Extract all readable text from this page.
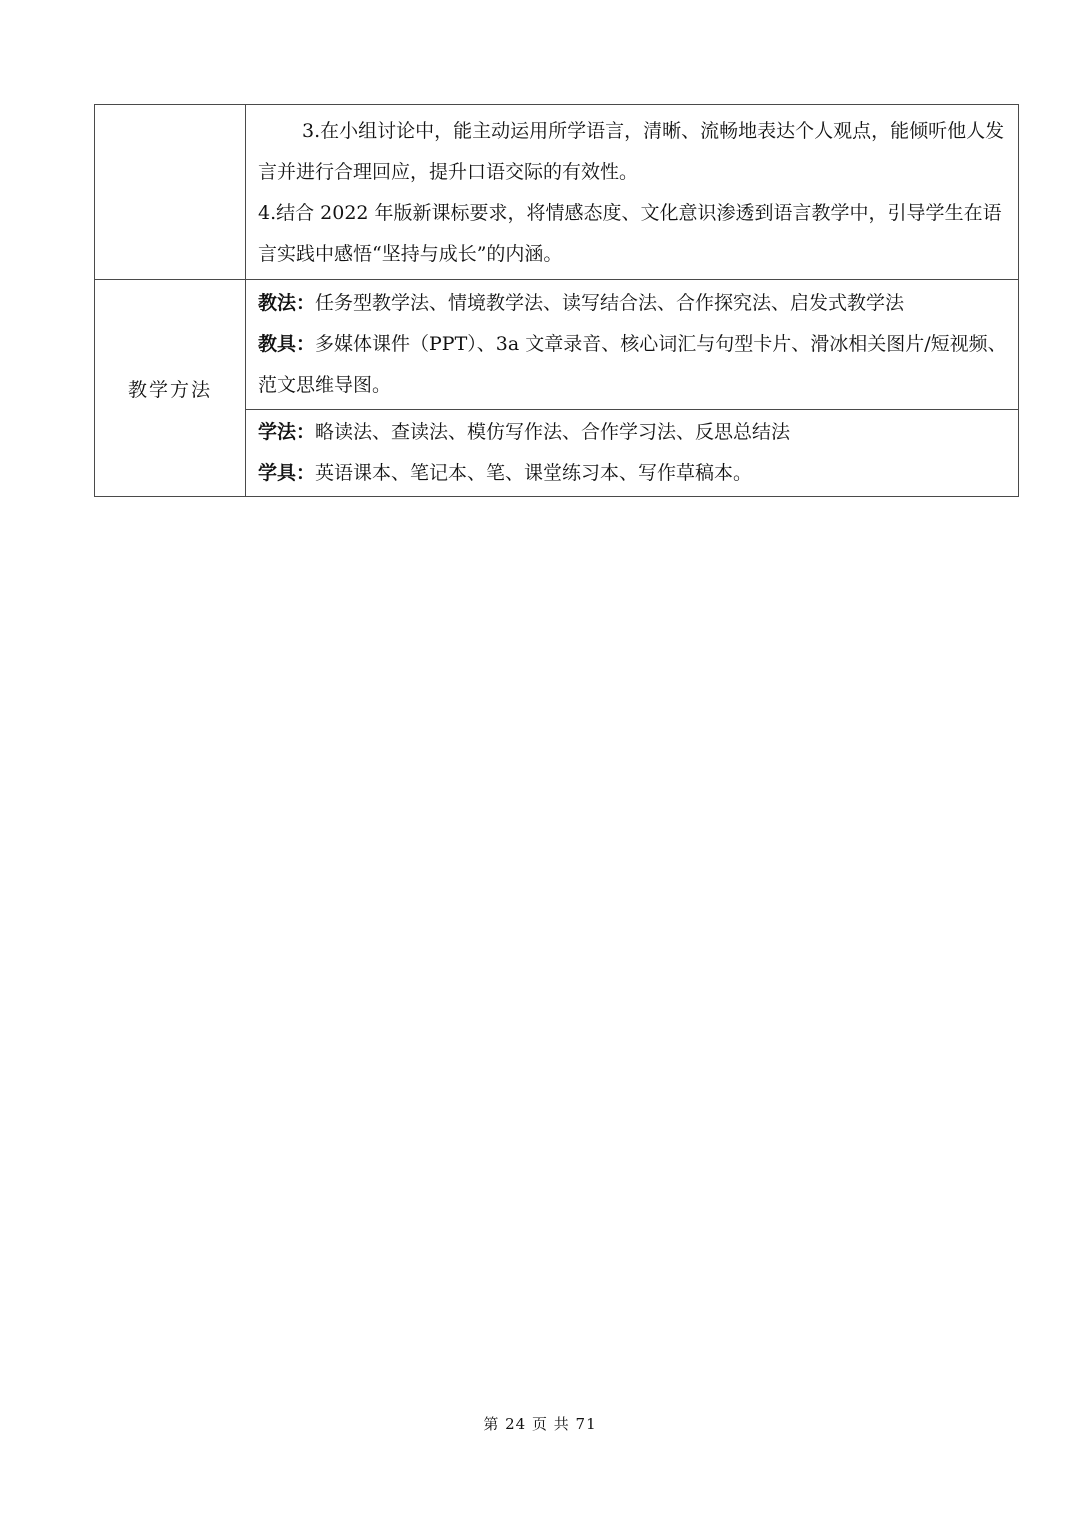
	3.在小组讨论中，能主动运用所学语言，清晰、流畅地表达个人观点，能倾听他人发言并进行合理回应，提升口语交际的有效性。

4.结合 2022 年版新课标要求，将情感态度、文化意识渗透到语言教学中，引导学生在语言实践中感悟“坚持与成长”的内涵。

教学方法	教法：任务型教学法、情境教学法、读写结合法、合作探究法、启发式教学法

教具：多媒体课件（PPT）、3a 文章录音、核心词汇与句型卡片、滑冰相关图片/短视频、范文思维导图。

	学法：略读法、查读法、模仿写作法、合作学习法、反思总结法

学具：英语课本、笔记本、笔、课堂练习本、写作草稿本。

第 24 页 共 71
